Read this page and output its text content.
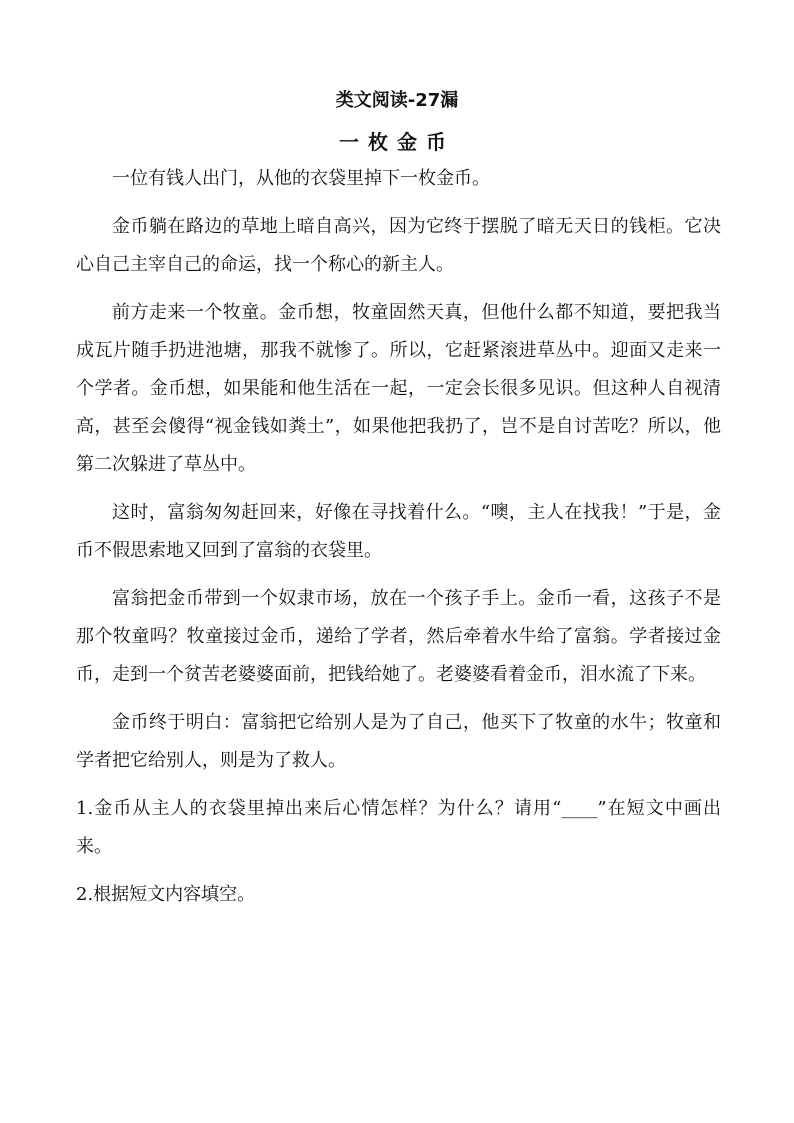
类文阅读-27漏
一枚金币

一位有钱人出门，从他的衣袋里掉下一枚金币。

金币躺在路边的草地上暗自高兴，因为它终于摆脱了暗无天日的钱柜。它决心自己主宰自己的命运，找一个称心的新主人。

前方走来一个牧童。金币想，牧童固然天真，但他什么都不知道，要把我当成瓦片随手扔进池塘，那我不就惨了。所以，它赶紧滚进草丛中。迎面又走来一个学者。金币想，如果能和他生活在一起，一定会长很多见识。但这种人自视清高，甚至会傻得“视金钱如粪土”，如果他把我扔了，岂不是自讨苦吃？所以，他第二次躲进了草丛中。

这时，富翁匆匆赶回来，好像在寻找着什么。“噢，主人在找我！”于是，金币不假思索地又回到了富翁的衣袋里。

富翁把金币带到一个奴隶市场，放在一个孩子手上。金币一看，这孩子不是那个牧童吗？牧童接过金币，递给了学者，然后牵着水牛给了富翁。学者接过金币，走到一个贫苦老婆婆面前，把钱给她了。老婆婆看着金币，泪水流了下来。

金币终于明白：富翁把它给别人是为了自己，他买下了牧童的水牛；牧童和学者把它给别人，则是为了救人。

1.金币从主人的衣袋里掉出来后心情怎样？为什么？请用“____”在短文中画出来。

2.根据短文内容填空。
